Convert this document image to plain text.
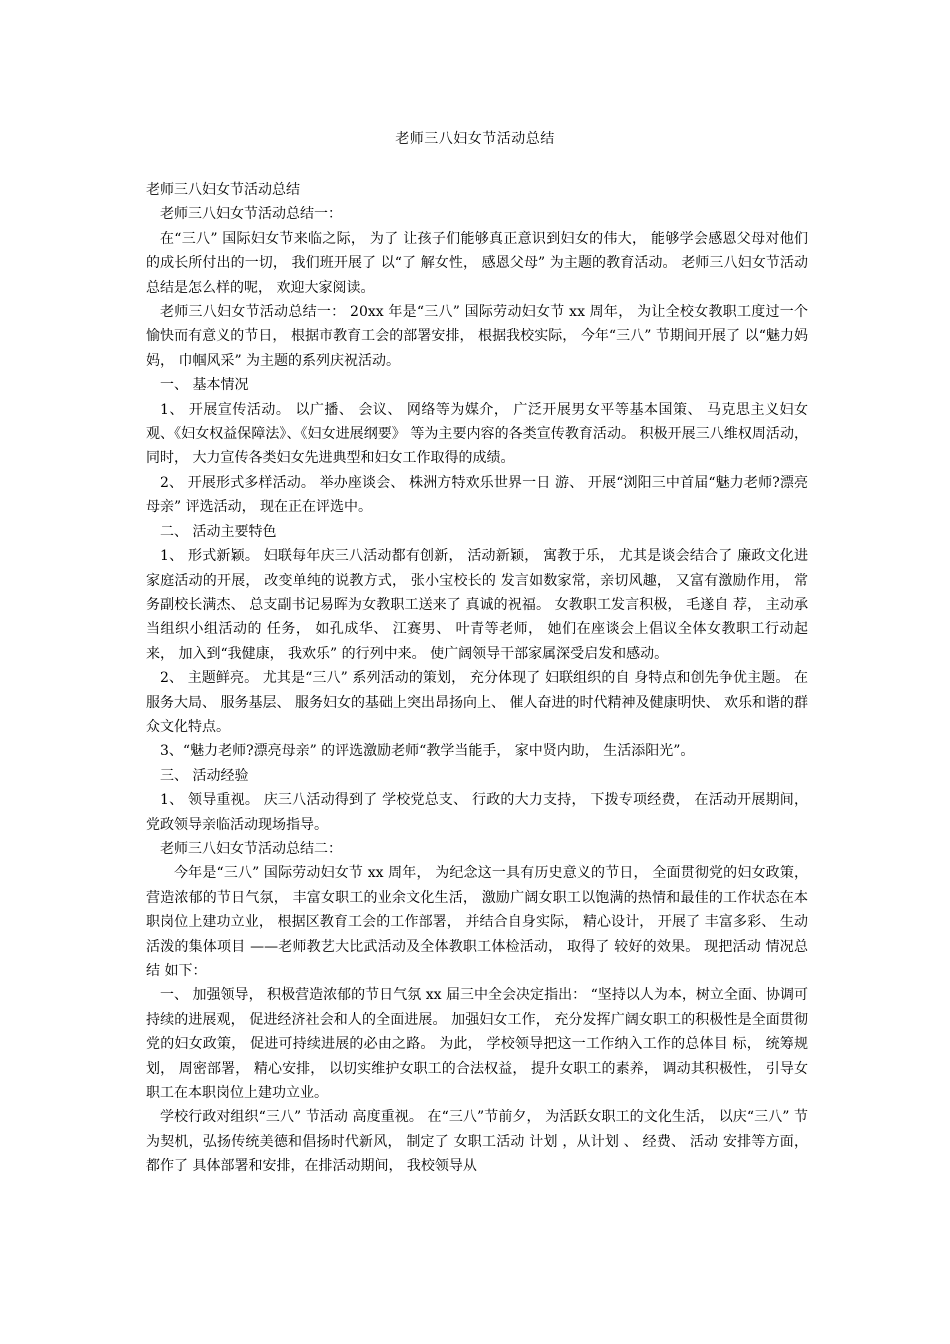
老师三八妇女节活动总结

老师三八妇女节活动总结

老师三八妇女节活动总结一：

在“三八” 国际妇女节来临之际， 为了 让孩子们能够真正意识到妇女的伟大， 能够学会感恩父母对他们的成长所付出的一切， 我们班开展了 以“了 解女性， 感恩父母” 为主题的教育活动。 老师三八妇女节活动总结是怎么样的呢， 欢迎大家阅读。

老师三八妇女节活动总结一： 20xx 年是“三八” 国际劳动妇女节 xx 周年， 为让全校女教职工度过一个愉快而有意义的节日， 根据市教育工会的部署安排， 根据我校实际， 今年“三八” 节期间开展了 以“魅力妈妈， 巾帼风采” 为主题的系列庆祝活动。

一、 基本情况

1、 开展宣传活动。 以广播、 会议、 网络等为媒介， 广泛开展男女平等基本国策、 马克思主义妇女观、《妇女权益保障法》、《妇女进展纲要》 等为主要内容的各类宣传教育活动。 积极开展三八维权周活动， 同时， 大力宣传各类妇女先进典型和妇女工作取得的成绩。

2、 开展形式多样活动。 举办座谈会、 株洲方特欢乐世界一日 游、 开展“浏阳三中首届“魅力老师?漂亮母亲” 评选活动， 现在正在评选中。

二、 活动主要特色

1、 形式新颖。 妇联每年庆三八活动都有创新， 活动新颖， 寓教于乐， 尤其是谈会结合了 廉政文化进家庭活动的开展， 改变单纯的说教方式， 张小宝校长的 发言如数家常，亲切风趣， 又富有激励作用， 常务副校长满杰、 总支副书记易晖为女教职工送来了 真诚的祝福。 女教职工发言积极， 毛遂自 荐， 主动承当组织小组活动的 任务， 如孔成华、 江赛男、 叶青等老师， 她们在座谈会上倡议全体女教职工行动起来， 加入到“我健康， 我欢乐” 的行列中来。 使广阔领导干部家属深受启发和感动。

2、 主题鲜亮。 尤其是“三八” 系列活动的策划， 充分体现了 妇联组织的自 身特点和创先争优主题。 在服务大局、 服务基层、 服务妇女的基础上突出昂扬向上、 催人奋进的时代精神及健康明快、 欢乐和谐的群众文化特点。

3、“魅力老师?漂亮母亲” 的评选激励老师“教学当能手， 家中贤内助， 生活添阳光”。

三、 活动经验

1、 领导重视。 庆三八活动得到了 学校党总支、 行政的大力支持， 下拨专项经费， 在活动开展期间， 党政领导亲临活动现场指导。

老师三八妇女节活动总结二：

今年是“三八” 国际劳动妇女节 xx 周年， 为纪念这一具有历史意义的节日， 全面贯彻党的妇女政策， 营造浓郁的节日气氛， 丰富女职工的业余文化生活， 激励广阔女职工以饱满的热情和最佳的工作状态在本职岗位上建功立业， 根据区教育工会的工作部署， 并结合自身实际， 精心设计， 开展了 丰富多彩、 生动活泼的集体项目 ——老师教艺大比武活动及全体教职工体检活动， 取得了 较好的效果。 现把活动 情况总结 如下：

一、 加强领导， 积极营造浓郁的节日气氛 xx 届三中全会决定指出： “坚持以人为本，树立全面、协调可持续的进展观， 促进经济社会和人的全面进展。 加强妇女工作， 充分发挥广阔女职工的积极性是全面贯彻党的妇女政策， 促进可持续进展的必由之路。 为此， 学校领导把这一工作纳入工作的总体目 标， 统筹规划， 周密部署， 精心安排， 以切实维护女职工的合法权益， 提升女职工的素养， 调动其积极性， 引导女职工在本职岗位上建功立业。

学校行政对组织“三八” 节活动 高度重视。 在“三八”节前夕， 为活跃女职工的文化生活， 以庆“三八” 节为契机，弘扬传统美德和倡扬时代新风， 制定了 女职工活动 计划 ，从计划 、 经费、 活动 安排等方面， 都作了 具体部署和安排，在排活动期间， 我校领导从
